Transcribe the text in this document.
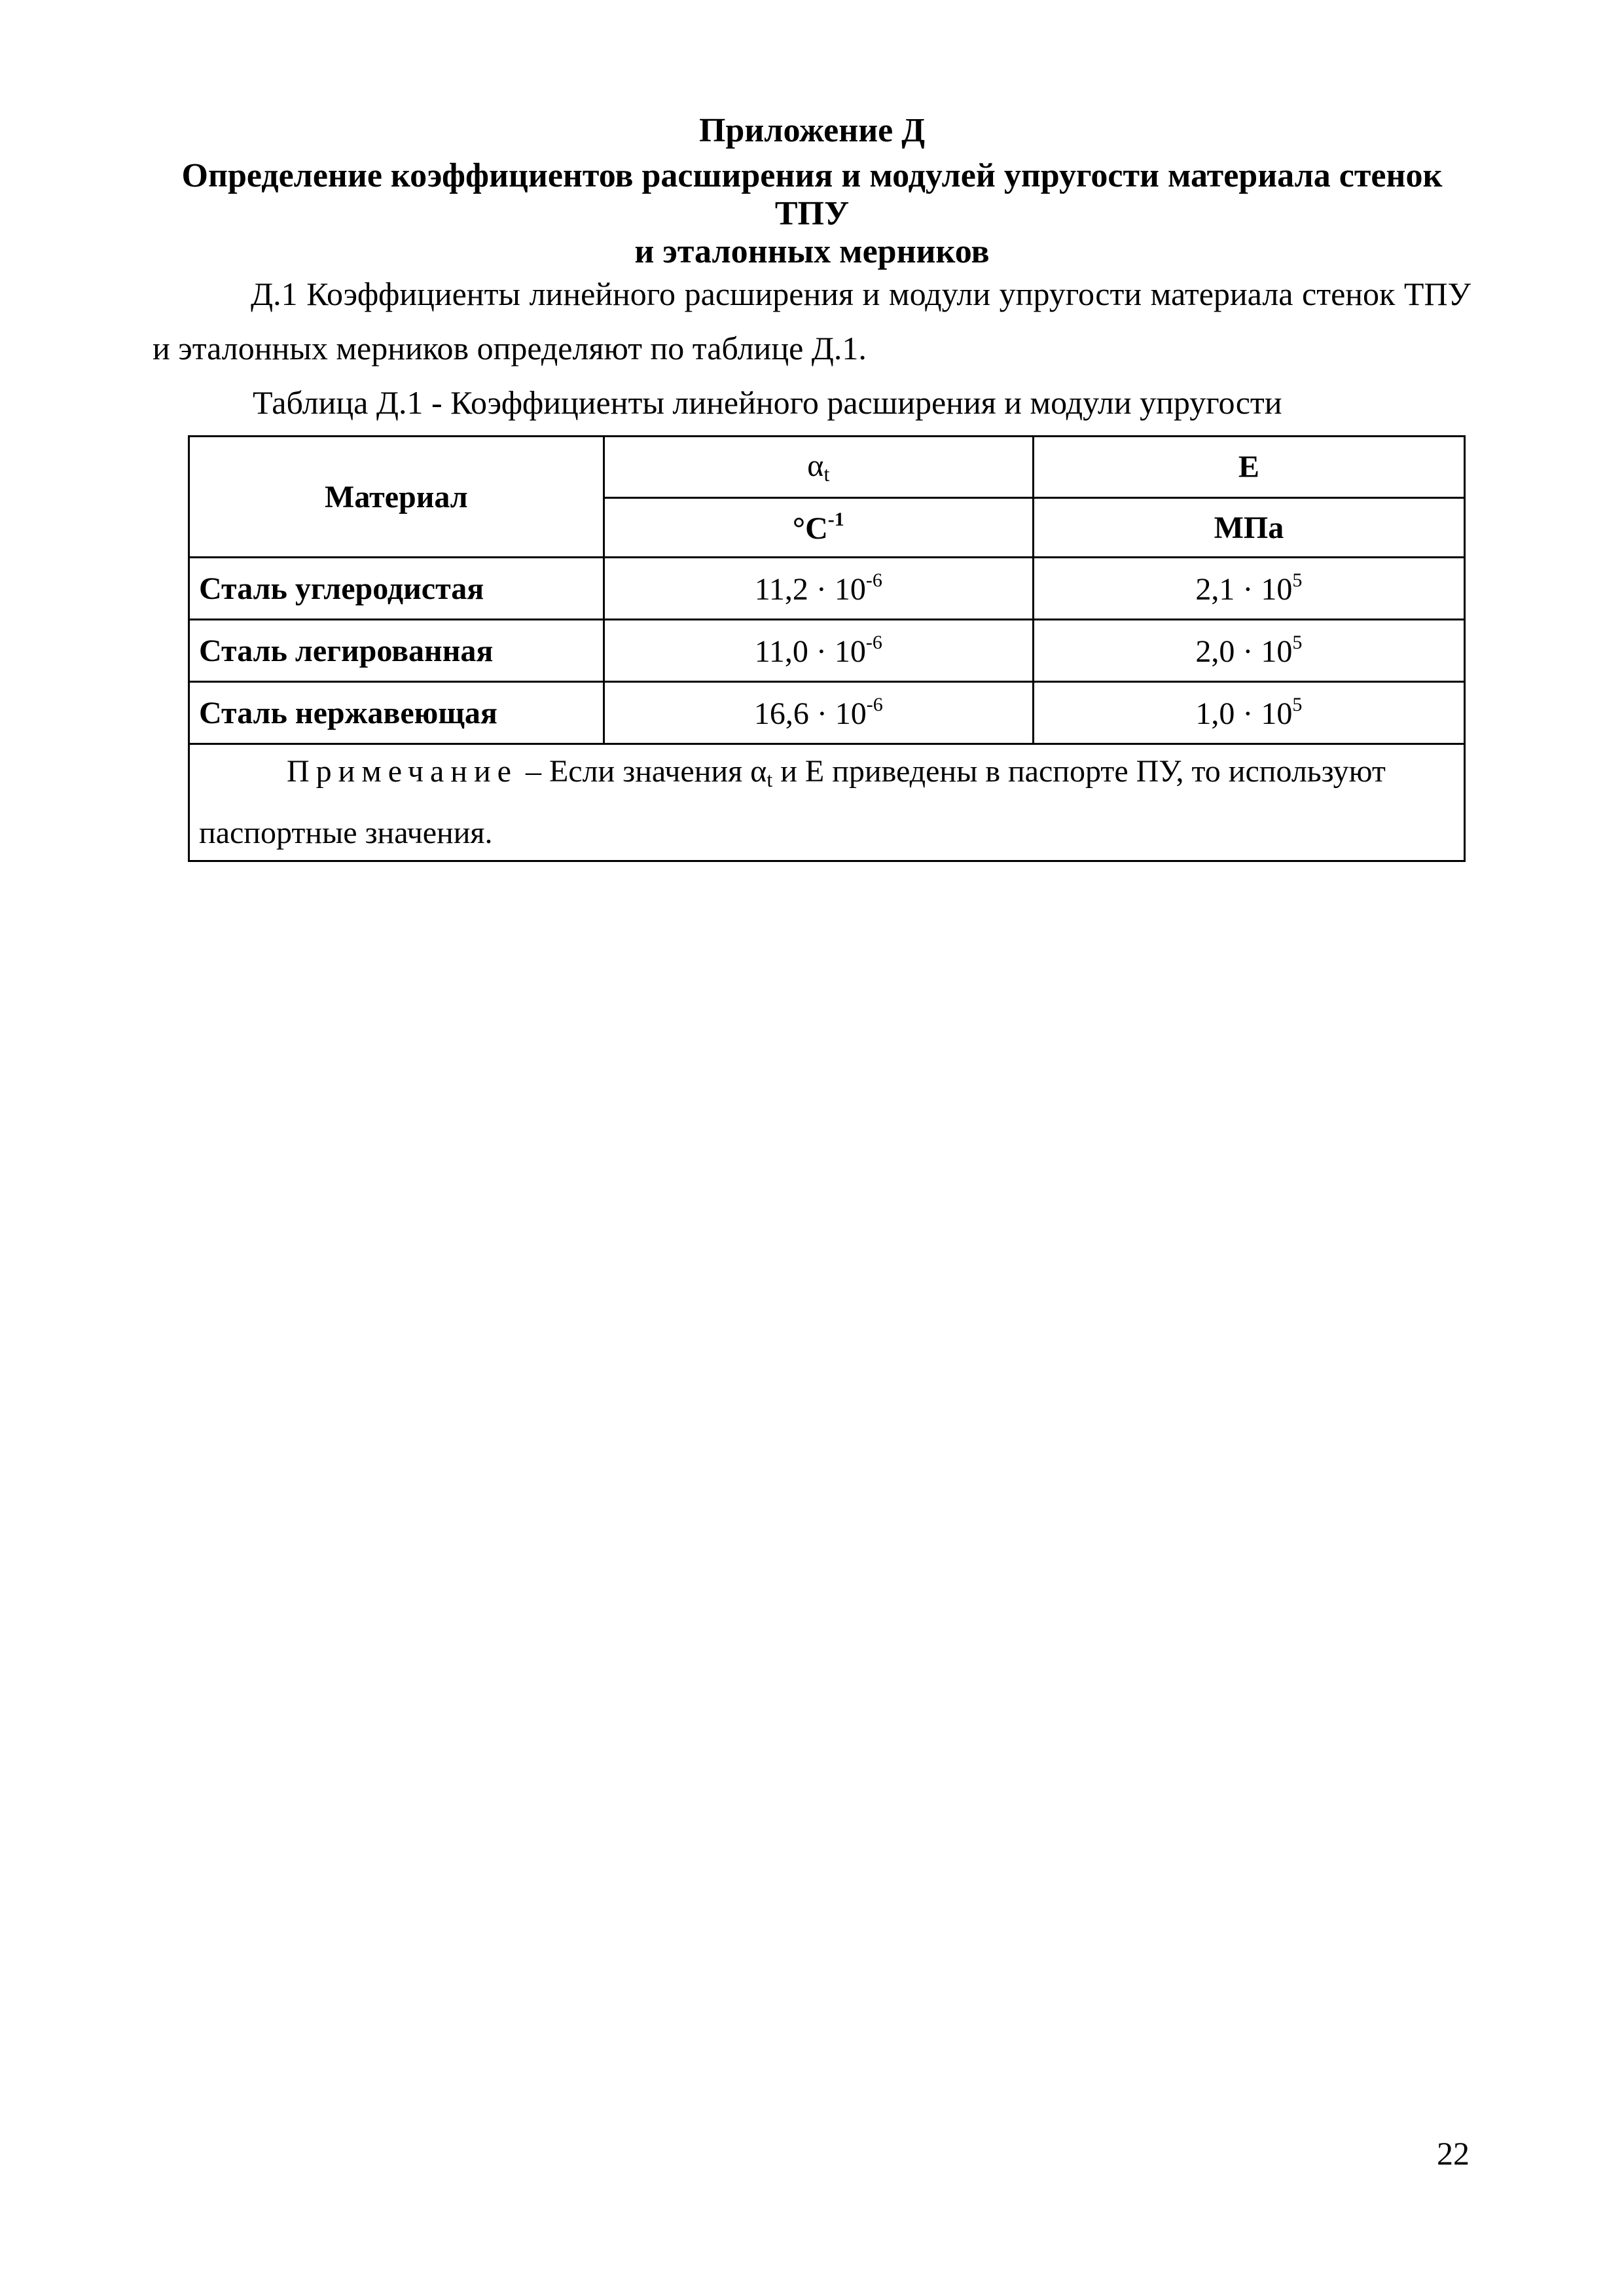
Приложение Д
Определение коэффициентов расширения и модулей упругости материала стенок ТПУ
и эталонных мерников
Д.1 Коэффициенты линейного расширения и модули упругости материала стенок ТПУ и эталонных мерников определяют по таблице Д.1.
Таблица Д.1 - Коэффициенты линейного расширения и модули упругости
Материал	αt	E
	$^\circ C^{-1}$	МПа
Сталь углеродистая	$11,2 \cdot 10^{-6}$	$2,1 \cdot 10^5$
Сталь легированная	$11,0 \cdot 10^{-6}$	$2,0 \cdot 10^5$
Сталь нержавеющая	$16,6 \cdot 10^{-6}$	$1,0 \cdot 10^5$
Примечание – Если значения αt и Е приведены в паспорте ПУ, то используют паспортные значения.		
22
